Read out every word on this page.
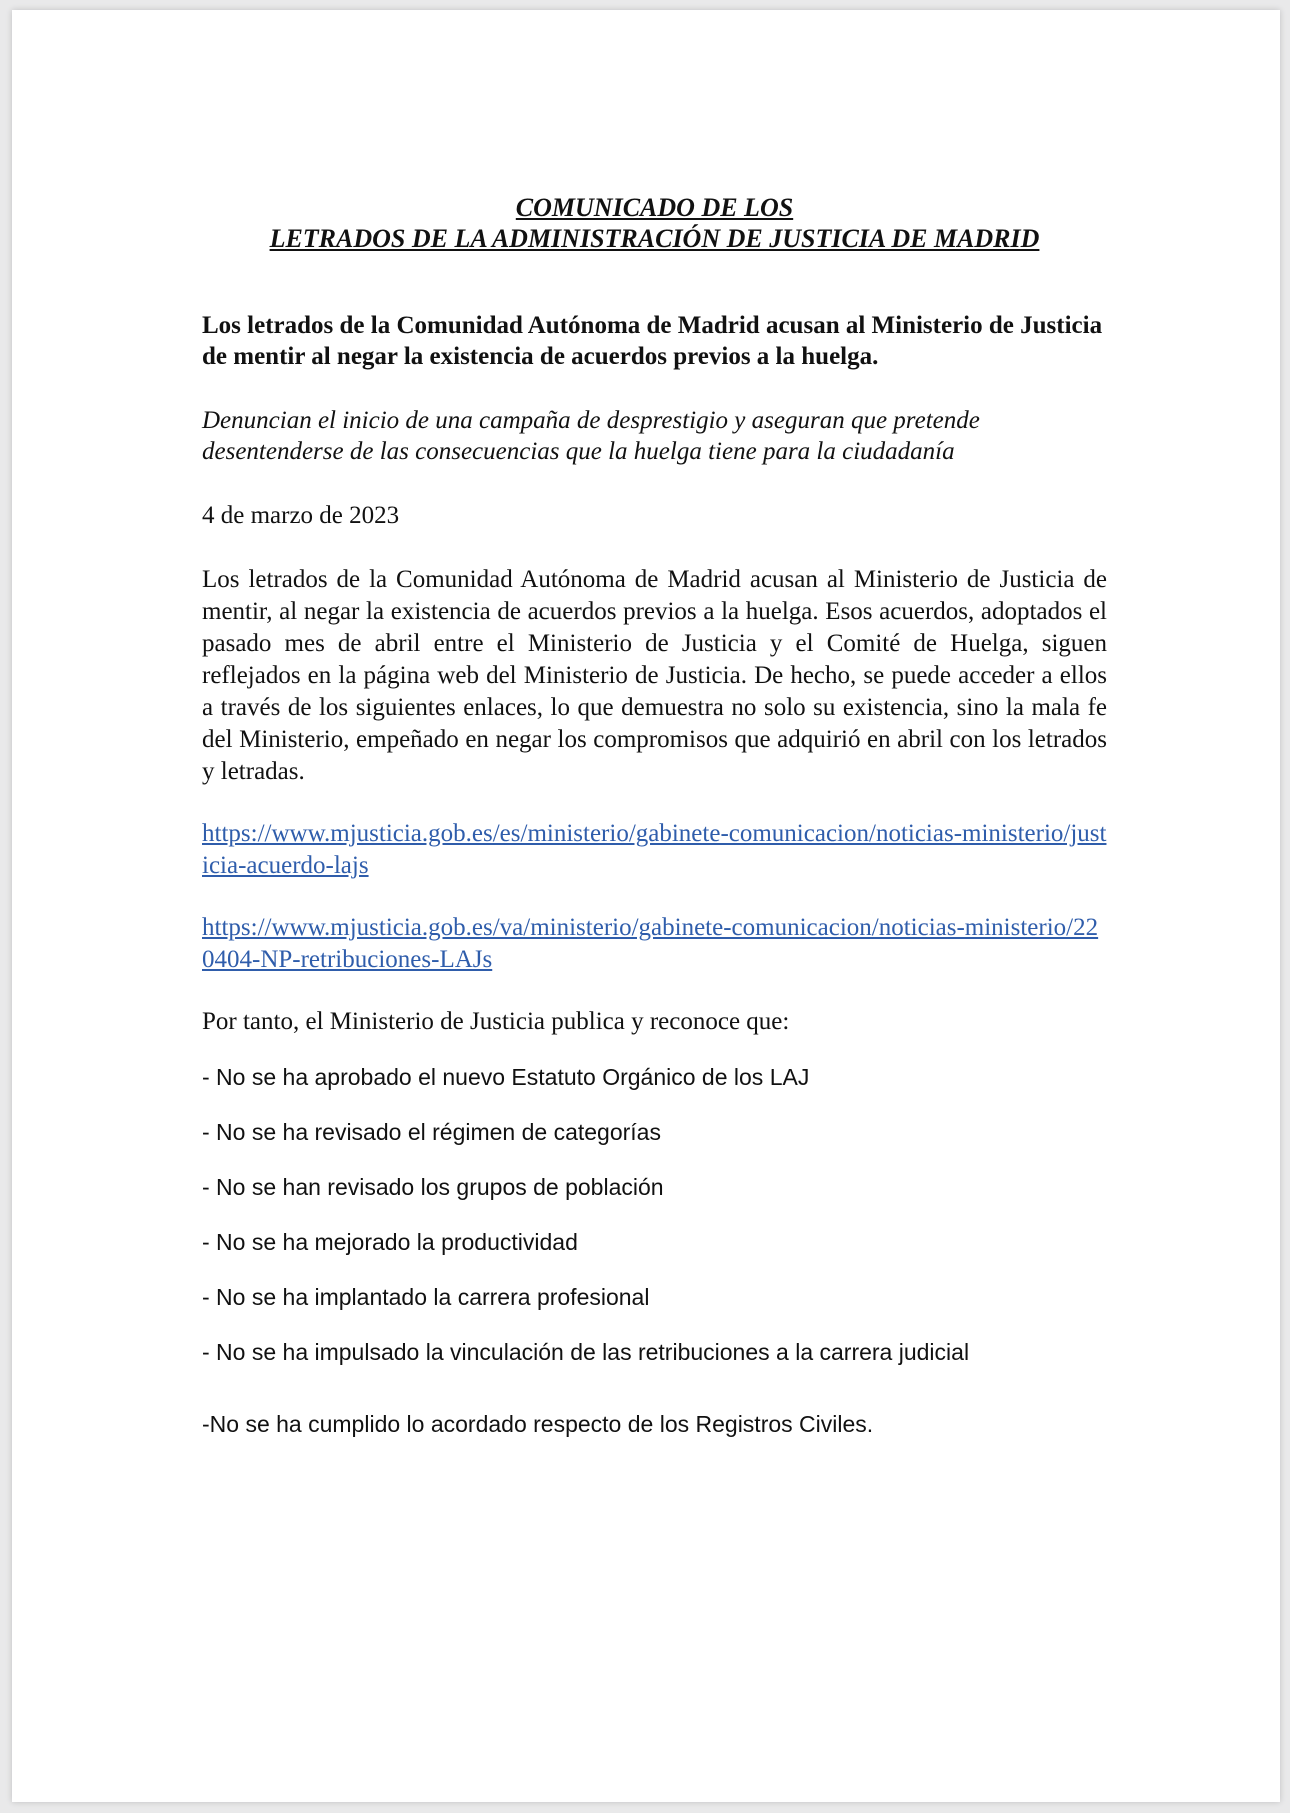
COMUNICADO DE LOS
LETRADOS DE LA ADMINISTRACIÓN DE JUSTICIA DE MADRID

Los letrados de la Comunidad Autónoma de Madrid acusan al Ministerio de Justicia de mentir al negar la existencia de acuerdos previos a la huelga.

Denuncian el inicio de una campaña de desprestigio y aseguran que pretende desentenderse de las consecuencias que la huelga tiene para la ciudadanía

4 de marzo de 2023

Los letrados de la Comunidad Autónoma de Madrid acusan al Ministerio de Justicia de mentir, al negar la existencia de acuerdos previos a la huelga. Esos acuerdos, adoptados el pasado mes de abril entre el Ministerio de Justicia y el Comité de Huelga, siguen reflejados en la página web del Ministerio de Justicia. De hecho, se puede acceder a ellos a través de los siguientes enlaces, lo que demuestra no solo su existencia, sino la mala fe del Ministerio, empeñado en negar los compromisos que adquirió en abril con los letrados y letradas.

https://www.mjusticia.gob.es/es/ministerio/gabinete-comunicacion/noticias-ministerio/justicia-acuerdo-lajs
https://www.mjusticia.gob.es/va/ministerio/gabinete-comunicacion/noticias-ministerio/220404-NP-retribuciones-LAJs

Por tanto, el Ministerio de Justicia publica y reconoce que:

- No se ha aprobado el nuevo Estatuto Orgánico de los LAJ
- No se ha revisado el régimen de categorías
- No se han revisado los grupos de población
- No se ha mejorado la productividad
- No se ha implantado la carrera profesional
- No se ha impulsado la vinculación de las retribuciones a la carrera judicial
-No se ha cumplido lo acordado respecto de los Registros Civiles.
